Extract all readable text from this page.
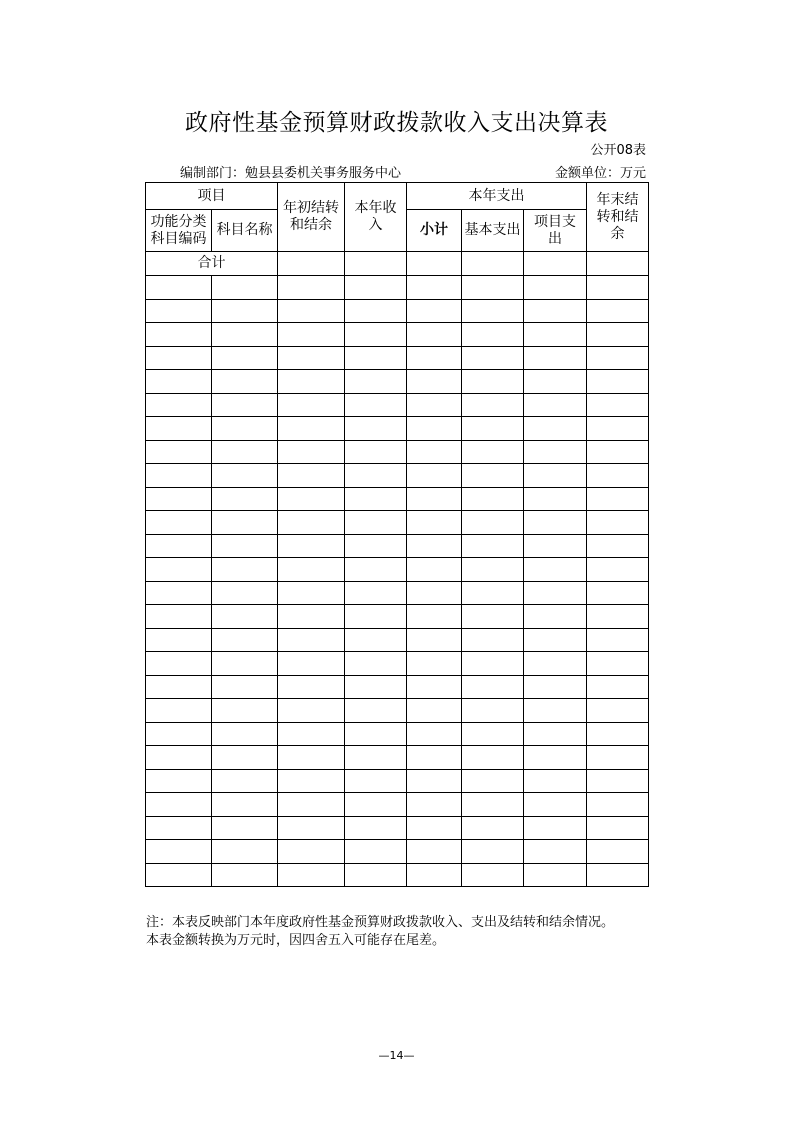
政府性基金预算财政拨款收入支出决算表
公开08表
编制部门：勉县县委机关事务服务中心	金额单位：万元
项目		年初结转和结余	本年收入	本年支出			年末结转和结余

功能分类科目编码	科目名称			小计	基本支出	项目支出	

合计							

注：本表反映部门本年度政府性基金预算财政拨款收入、支出及结转和结余情况。
本表金额转换为万元时，因四舍五入可能存在尾差。
—14—
